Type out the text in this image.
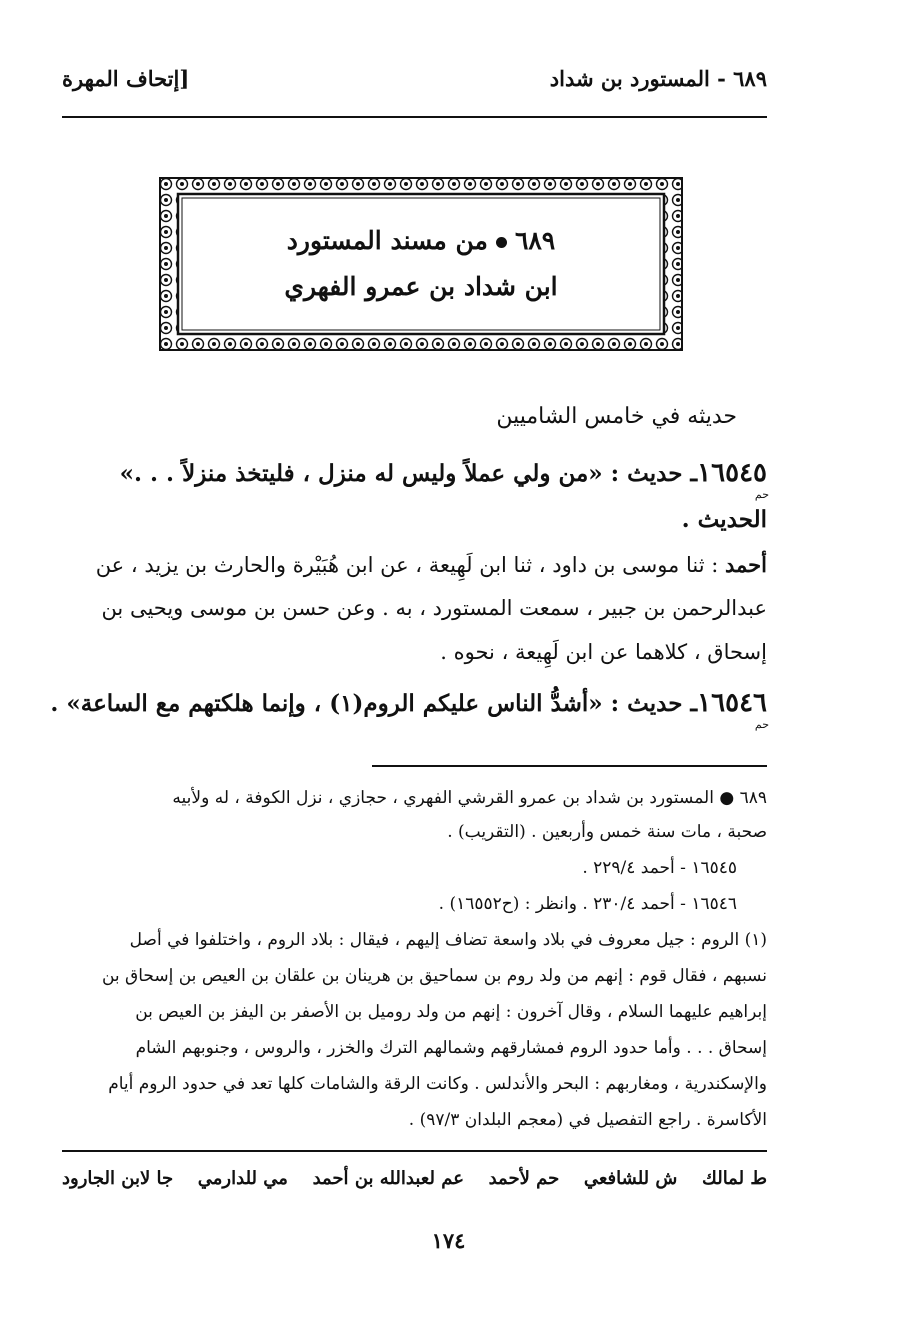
٦٨٩ - المستورد بن شداد
[إتحاف المهرة
٦٨٩من مسند المستورد
ابن شداد بن عمرو الفهري
حديثه في خامس الشاميين
١٦٥٤٥ـ حديث : «من ولي عملاً وليس له منزل ، فليتخذ منزلاً . . .»
حم
الحديث .
أحمد : ثنا موسى بن داود ، ثنا ابن لَهِيعة ، عن ابن هُبَيْرة والحارث بن يزيد ، عن
عبدالرحمن بن جبير ، سمعت المستورد ، به . وعن حسن بن موسى ويحيى بن
إسحاق ، كلاهما عن ابن لَهِيعة ، نحوه .
١٦٥٤٦ـ حديث : «أشدُّ الناس عليكم الروم(١) ، وإنما هلكتهم مع الساعة» .
حم
٦٨٩ ● المستورد بن شداد بن عمرو القرشي الفهري ، حجازي ، نزل الكوفة ، له ولأبيه
صحبة ، مات سنة خمس وأربعين . (التقريب) .
١٦٥٤٥ - أحمد ٢٢٩/٤ .
١٦٥٤٦ - أحمد ٢٣٠/٤ . وانظر : (ح١٦٥٥٢) .
(١) الروم : جيل معروف في بلاد واسعة تضاف إليهم ، فيقال : بلاد الروم ، واختلفوا في أصل
نسبهم ، فقال قوم : إنهم من ولد روم بن سماحيق بن هرينان بن علقان بن العيص بن إسحاق بن
إبراهيم عليهما السلام ، وقال آخرون : إنهم من ولد روميل بن الأصفر بن اليفز بن العيص بن
إسحاق . . . وأما حدود الروم فمشارقهم وشمالهم الترك والخزر ، والروس ، وجنوبهم الشام
والإسكندرية ، ومغاربهم : البحر والأندلس . وكانت الرقة والشامات كلها تعد في حدود الروم أيام
الأكاسرة . راجع التفصيل في (معجم البلدان ٩٧/٣) .
ط لمالك
ش للشافعي
حم لأحمد
عم لعبدالله بن أحمد
مي للدارمي
جا لابن الجارود
١٧٤
